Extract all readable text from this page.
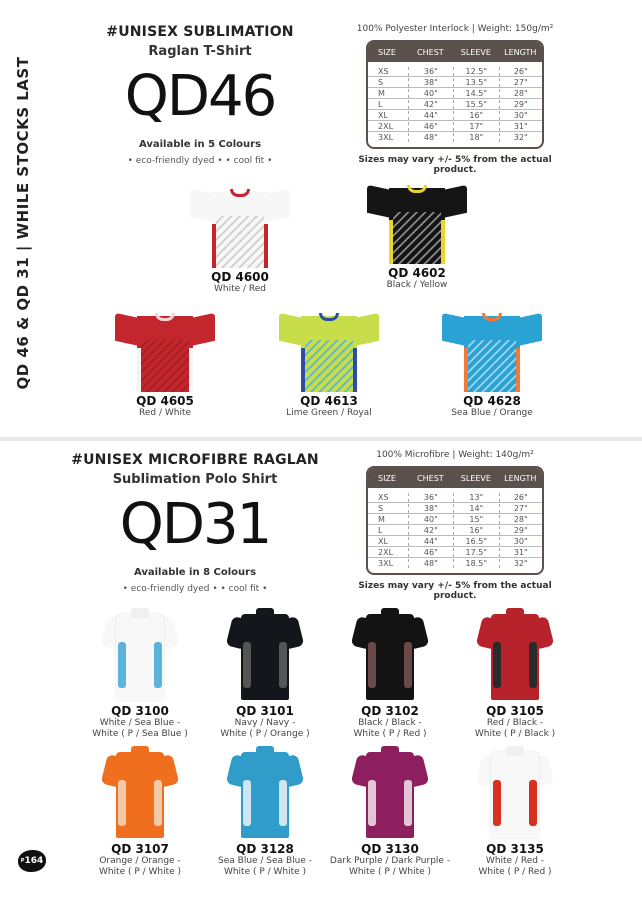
QD 46 & QD 31 | WHILE STOCKS LAST
#UNISEX SUBLIMATION
Raglan T-Shirt
QD46
Available in 5 Colours
• eco-friendly dyed • • cool fit •
100% Polyester Interlock | Weight: 150g/m²
SIZE	CHEST	SLEEVE	LENGTH
XS	36"	12.5"	26"
S	38"	13.5"	27"
M	40"	14.5"	28"
L	42"	15.5"	29"
XL	44"	16"	30"
2XL	46"	17"	31"
3XL	48"	18"	32"
Sizes may vary +/- 5% from the actual product.
QD 4600
White / Red
QD 4602
Black / Yellow
QD 4605
Red / White
QD 4613
Lime Green / Royal
QD 4628
Sea Blue / Orange
#UNISEX MICROFIBRE RAGLAN
Sublimation Polo Shirt
QD31
Available in 8 Colours
• eco-friendly dyed • • cool fit •
100% Microfibre | Weight: 140g/m²
SIZE	CHEST	SLEEVE	LENGTH
XS	36"	13"	26"
S	38"	14"	27"
M	40"	15"	28"
L	42"	16"	29"
XL	44"	16.5"	30"
2XL	46"	17.5"	31"
3XL	48"	18.5"	32"
Sizes may vary +/- 5% from the actual product.
QD 3100
White / Sea Blue -
White ( P / Sea Blue )
QD 3101
Navy / Navy -
White ( P / Orange )
QD 3102
Black / Black -
White ( P / Red )
QD 3105
Red / Black -
White ( P / Black )
QD 3107
Orange / Orange -
White ( P / White )
QD 3128
Sea Blue / Sea Blue -
White ( P / White )
QD 3130
Dark Purple / Dark Purple -
White ( P / White )
QD 3135
White / Red -
White ( P / Red )
$^P$164
